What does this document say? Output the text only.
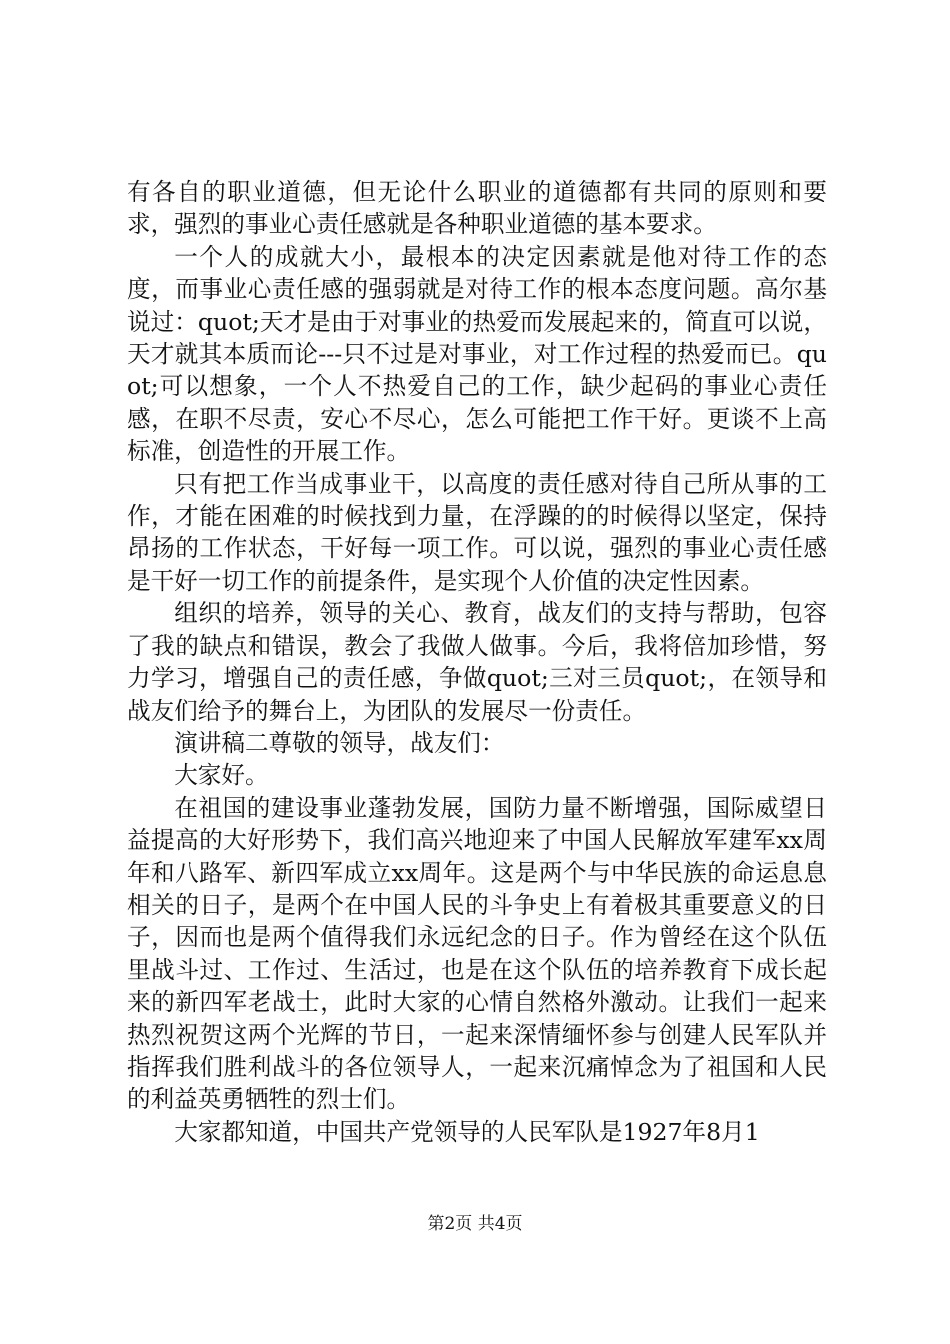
有各自的职业道德，但无论什么职业的道德都有共同的原则和要求，强烈的事业心责任感就是各种职业道德的基本要求。

一个人的成就大小，最根本的决定因素就是他对待工作的态度，而事业心责任感的强弱就是对待工作的根本态度问题。高尔基说过：quot;天才是由于对事业的热爱而发展起来的，简直可以说，天才就其本质而论---只不过是对事业，对工作过程的热爱而已。quot;可以想象，一个人不热爱自己的工作，缺少起码的事业心责任感，在职不尽责，安心不尽心，怎么可能把工作干好。更谈不上高标准，创造性的开展工作。

只有把工作当成事业干，以高度的责任感对待自己所从事的工作，才能在困难的时候找到力量，在浮躁的的时候得以坚定，保持昂扬的工作状态，干好每一项工作。可以说，强烈的事业心责任感是干好一切工作的前提条件，是实现个人价值的决定性因素。

组织的培养，领导的关心、教育，战友们的支持与帮助，包容了我的缺点和错误，教会了我做人做事。今后，我将倍加珍惜，努力学习，增强自己的责任感，争做quot;三对三员quot;，在领导和战友们给予的舞台上，为团队的发展尽一份责任。

演讲稿二尊敬的领导，战友们：

大家好。

在祖国的建设事业蓬勃发展，国防力量不断增强，国际威望日益提高的大好形势下，我们高兴地迎来了中国人民解放军建军xx周年和八路军、新四军成立xx周年。这是两个与中华民族的命运息息相关的日子，是两个在中国人民的斗争史上有着极其重要意义的日子，因而也是两个值得我们永远纪念的日子。作为曾经在这个队伍里战斗过、工作过、生活过，也是在这个队伍的培养教育下成长起来的新四军老战士，此时大家的心情自然格外激动。让我们一起来热烈祝贺这两个光辉的节日，一起来深情缅怀参与创建人民军队并指挥我们胜利战斗的各位领导人，一起来沉痛悼念为了祖国和人民的利益英勇牺牲的烈士们。

大家都知道，中国共产党领导的人民军队是1927年8月1

第2页 共4页
